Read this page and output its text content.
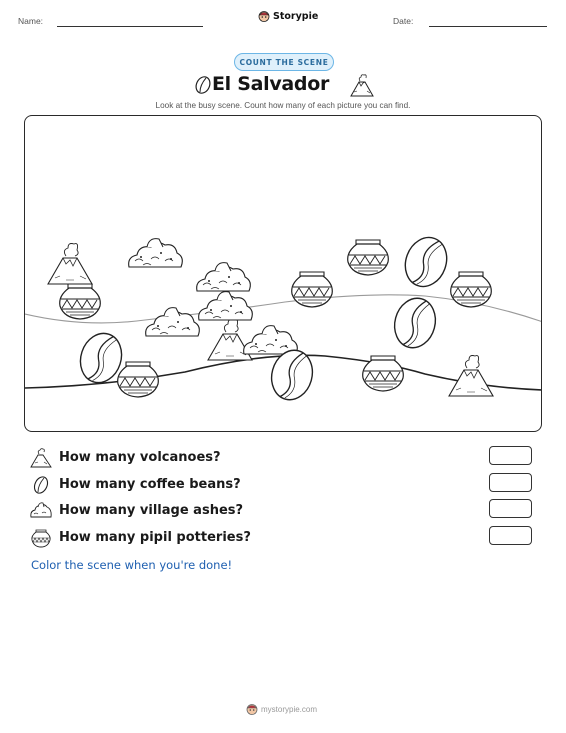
Name:	Storypie	Date:
COUNT THE SCENE
El Salvador
Look at the busy scene. Count how many of each picture you can find.
How many volcanoes?
How many coffee beans?
How many village ashes?
How many pipil potteries?
Color the scene when you're done!
mystorypie.com
